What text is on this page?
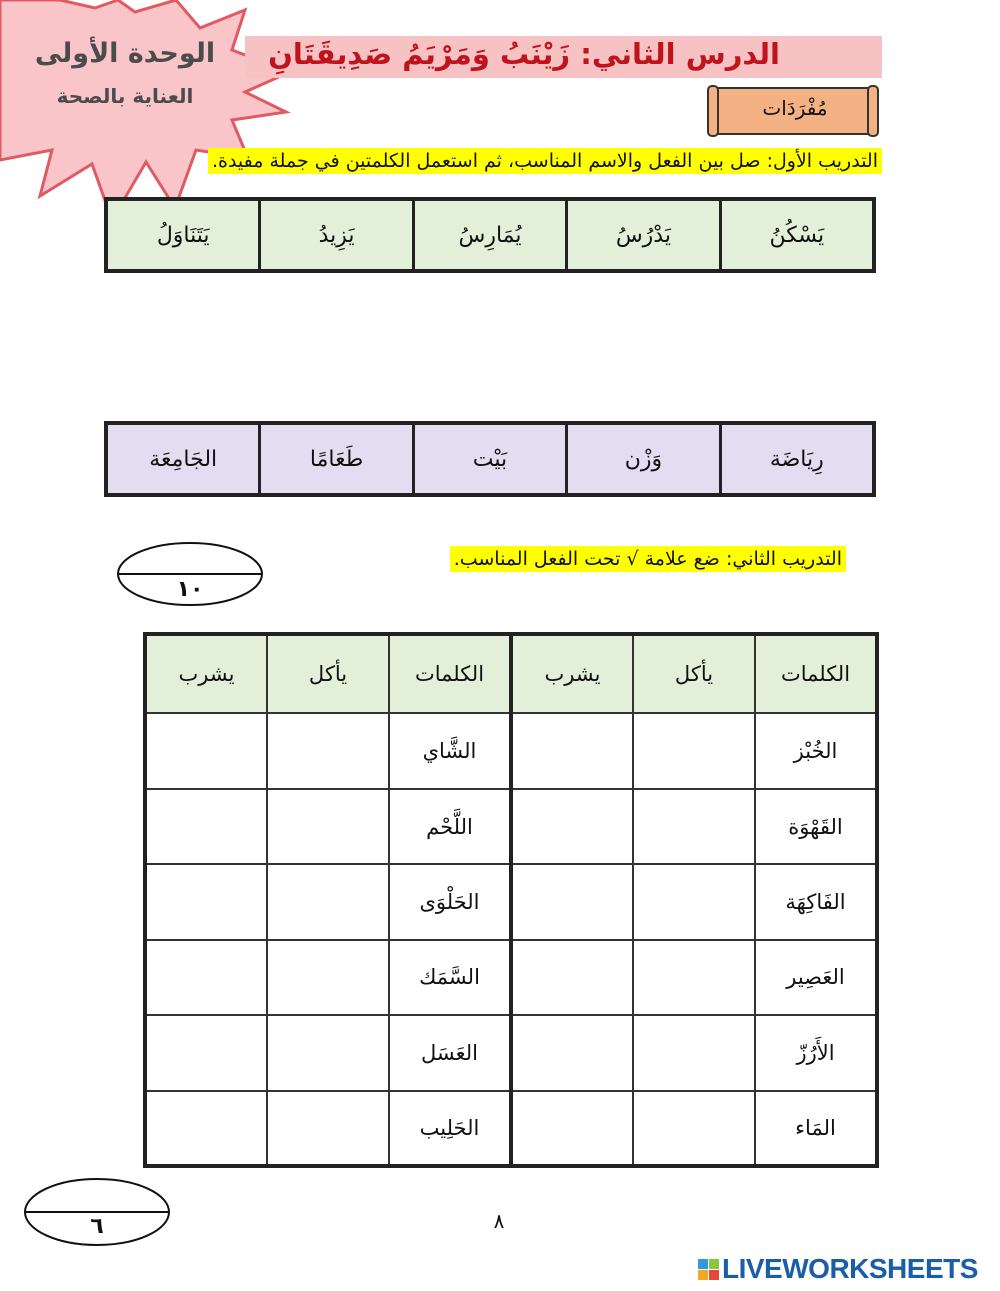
الوحدة الأولى
العناية بالصحة
الدرس الثاني: زَيْنَبُ وَمَرْيَمُ صَدِيقَتَانِ
مُفْرَدَات
التدريب الأول: صل بين الفعل والاسم المناسب، ثم استعمل الكلمتين في جملة مفيدة.
يَسْكُنُ
يَدْرُسُ
يُمَارِسُ
يَزِيدُ
يَتَنَاوَلُ
رِيَاضَة
وَزْن
بَيْت
طَعَامًا
الجَامِعَة
التدريب الثاني: ضع علامة √ تحت الفعل المناسب.
١٠
الكلمات	يأكل	يشرب	الكلمات	يأكل	يشرب
الخُبْز			الشَّاي		
القَهْوَة			اللَّحْم		
الفَاكِهَة			الحَلْوَى		
العَصِير			السَّمَك		
الأَرُزّ			العَسَل		
المَاء			الحَلِيب		
٦	٨
LIVEWORKSHEETS
